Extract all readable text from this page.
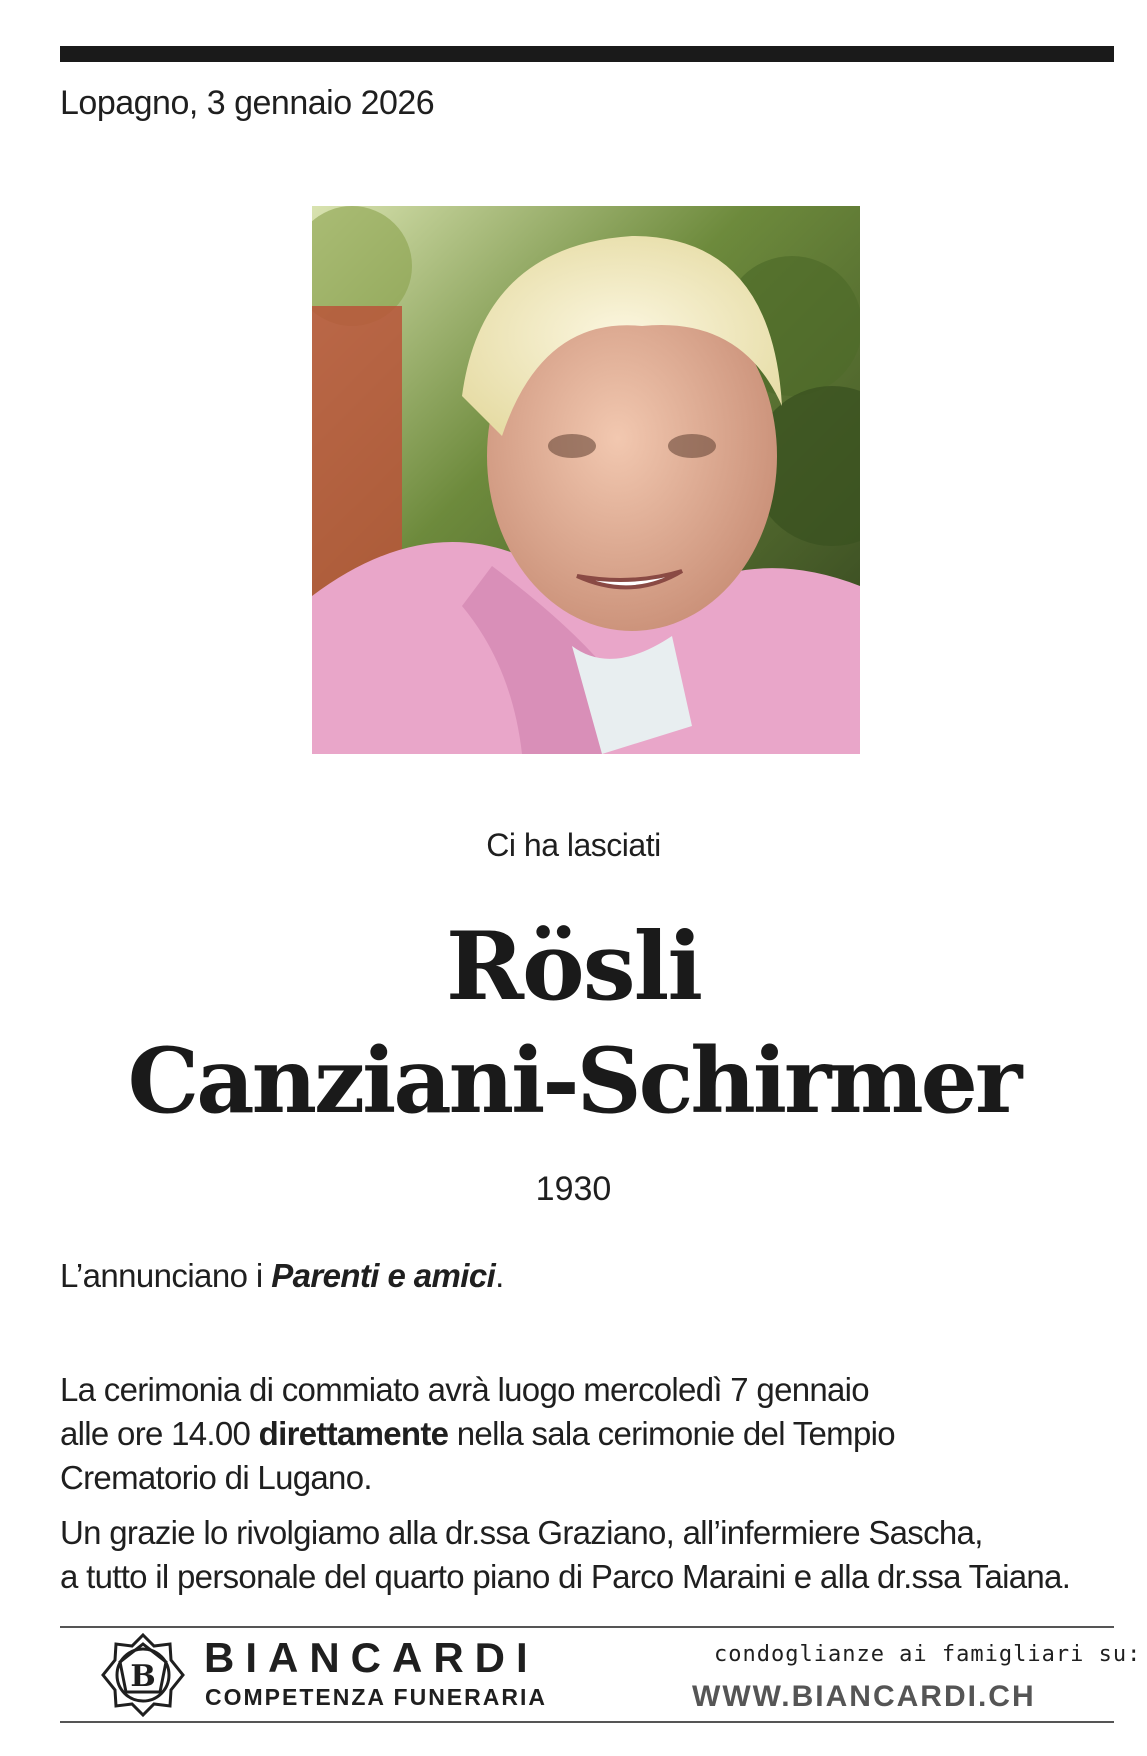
Lopagno, 3 gennaio 2026
Ci ha lasciati
Rösli
Canziani-Schirmer
1930
L’annunciano i Parenti e amici.
La cerimonia di commiato avrà luogo mercoledì 7 gennaio
alle ore 14.00 direttamente nella sala cerimonie del Tempio
Crematorio di Lugano.
Un grazie lo rivolgiamo alla dr.ssa Graziano, all’infermiere Sascha,
a tutto il personale del quarto piano di Parco Maraini e alla dr.ssa Taiana.
B BIANCARDI
COMPETENZA FUNERARIA
condoglianze ai famigliari su:
WWW.BIANCARDI.CH
